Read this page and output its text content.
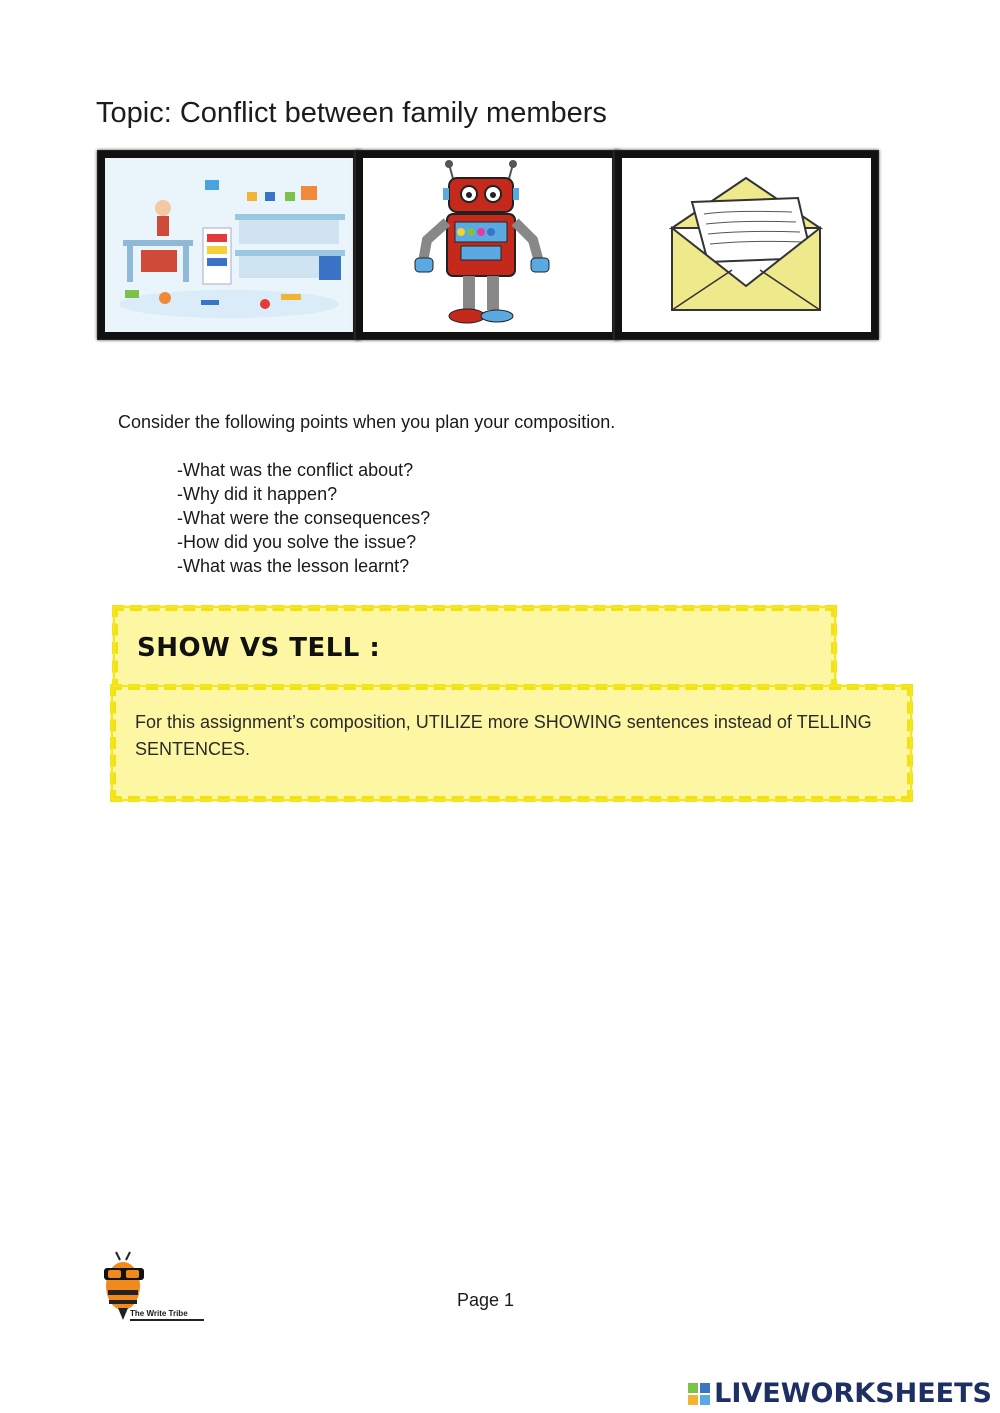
Topic: Conflict between family members
Consider the following points when you plan your composition.
-What was the conflict about?
-Why did it happen?
-What were the consequences?
-How did you solve the issue?
-What was the lesson learnt?
SHOW VS TELL :
For this assignment’s composition, UTILIZE more SHOWING sentences instead of TELLING SENTENCES.
The Write Tribe
Page 1
LIVEWORKSHEETS
